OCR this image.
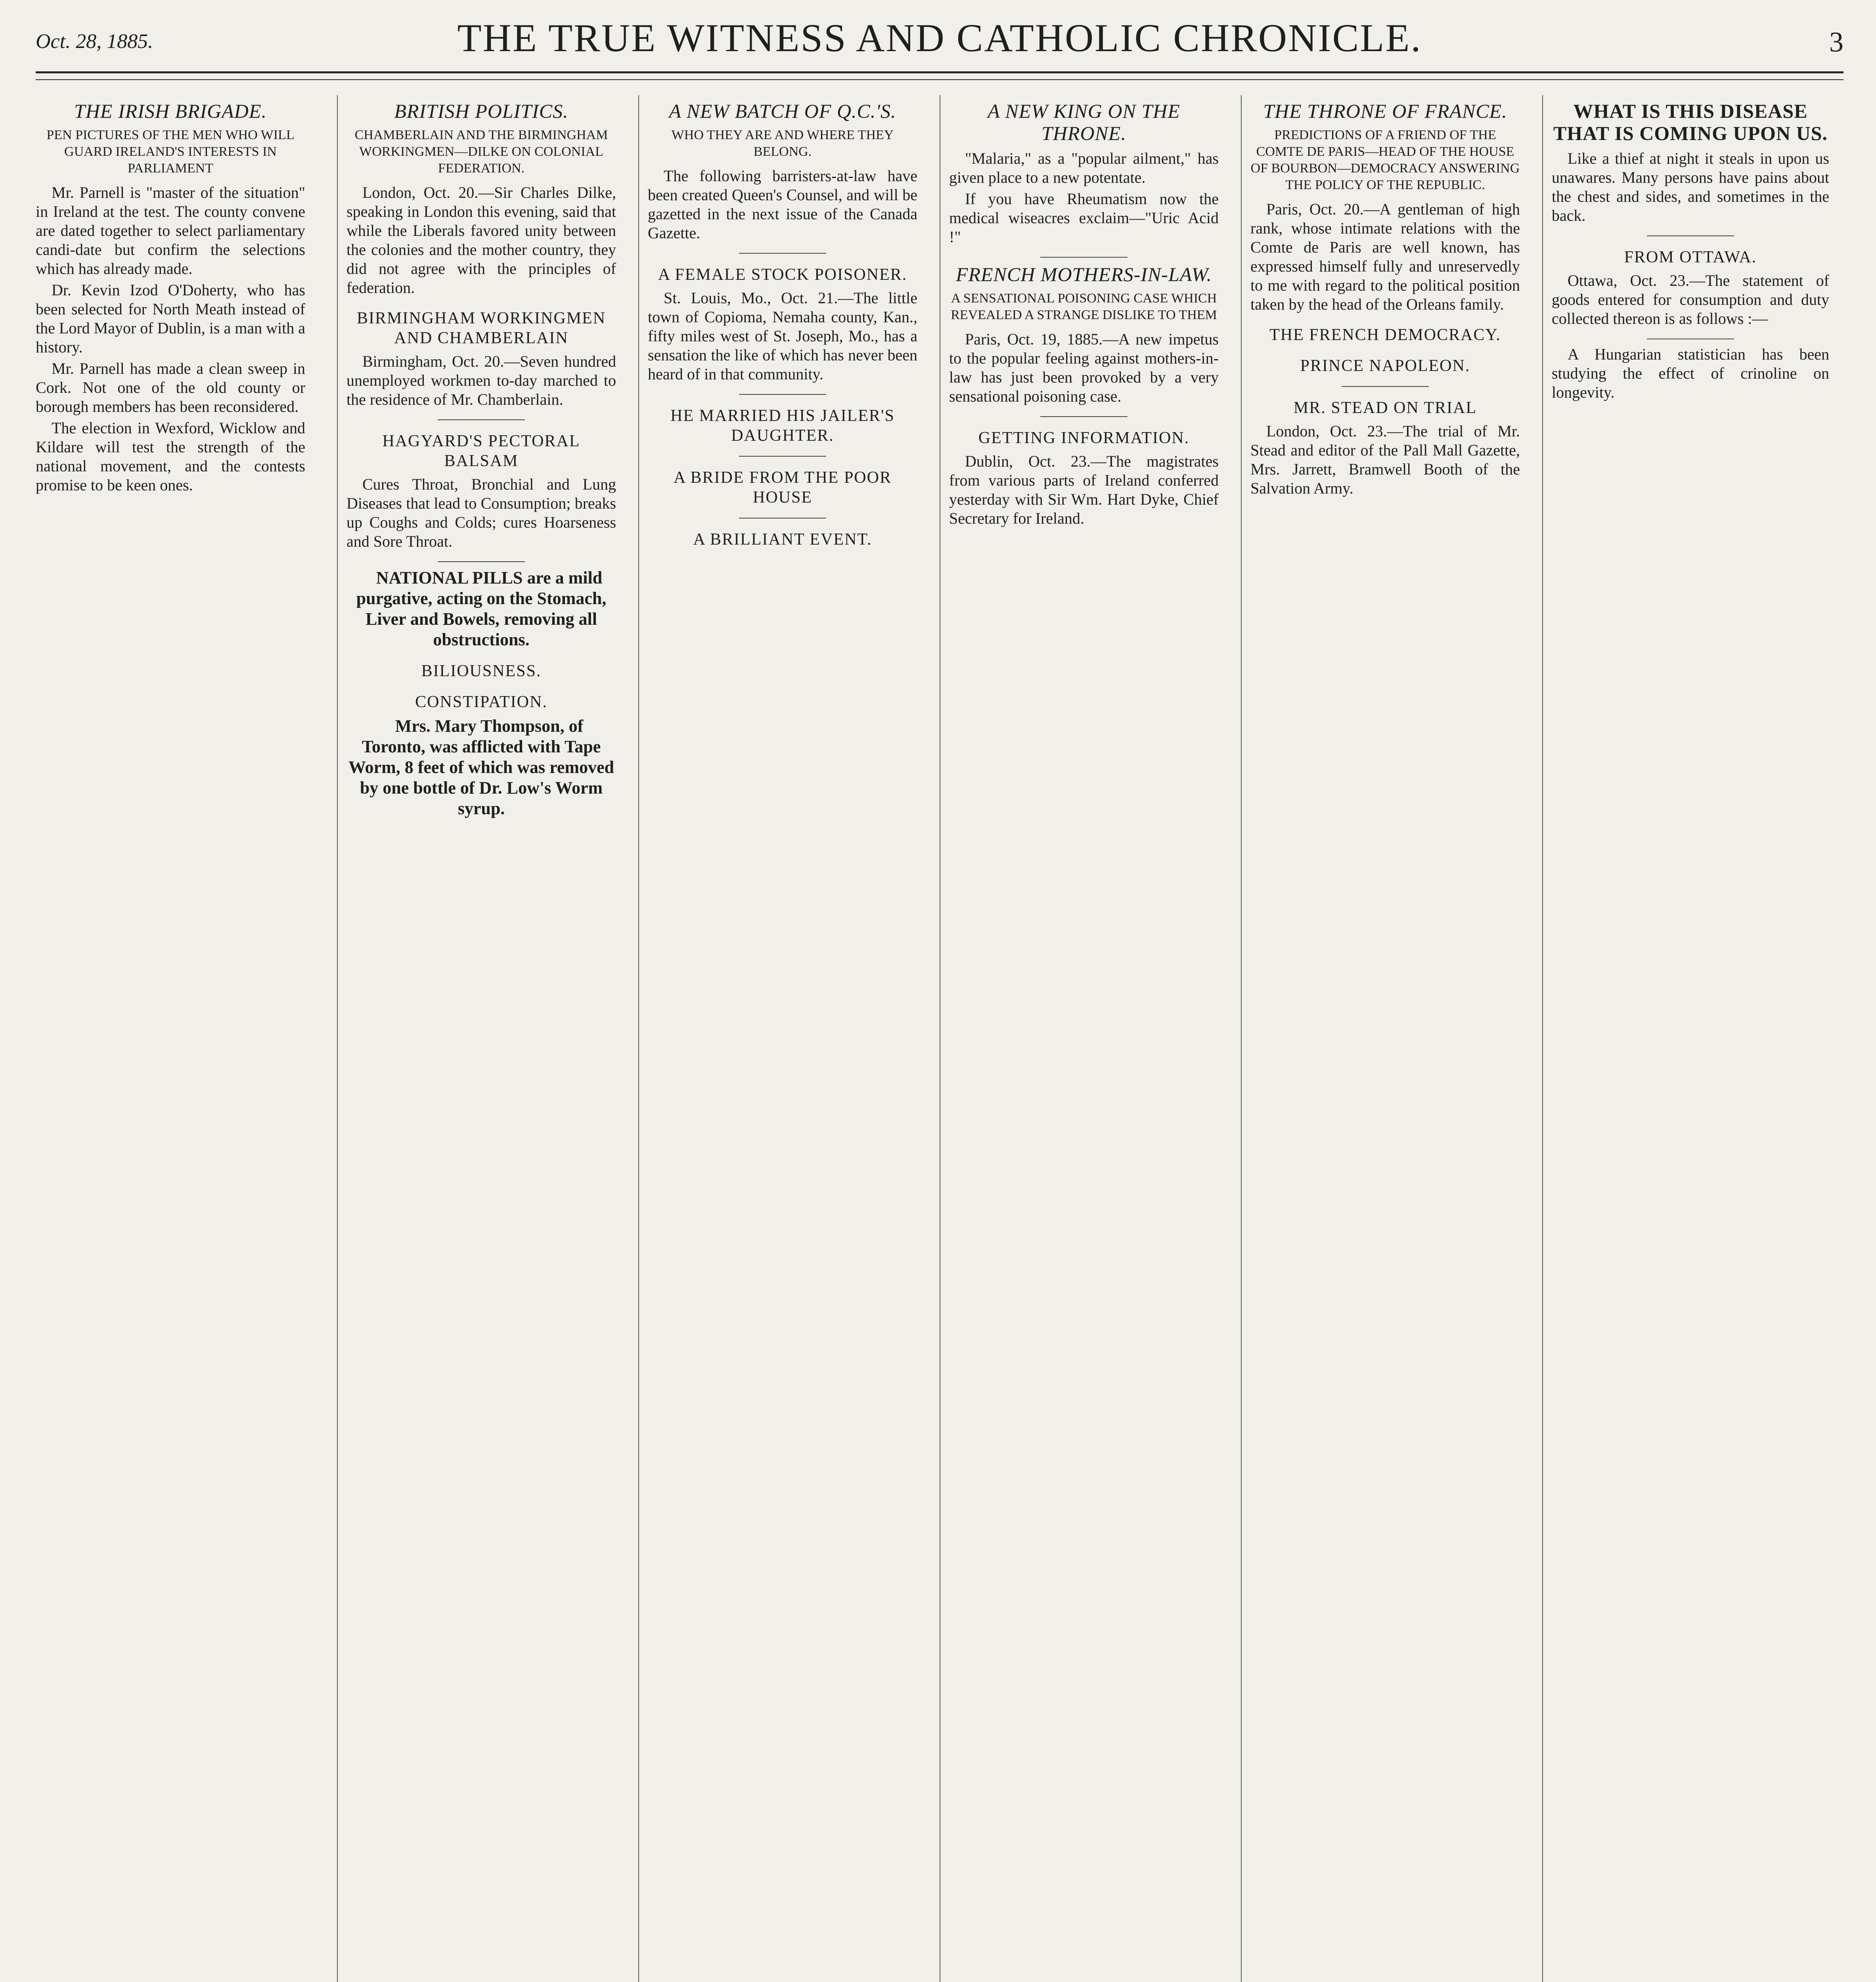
Oct. 28, 1885.	THE TRUE WITNESS AND CATHOLIC CHRONICLE.	3
THE IRISH BRIGADE.
PEN PICTURES OF THE MEN WHO WILL GUARD IRELAND'S INTERESTS IN PARLIAMENT

Mr. Parnell is "master of the situation" in Ireland at the test. The county convene are dated together to select parliamentary candi-date but confirm the selections which has already made.

Dr. Kevin Izod O'Doherty, who has been selected for North Meath instead of the Lord Mayor of Dublin, is a man with a history.

Mr. Parnell has made a clean sweep in Cork. Not one of the old county or borough members has been reconsidered.

The election in Wexford, Wicklow and Kildare will test the strength of the national movement, and the contests promise to be keen ones.

BRITISH POLITICS.
CHAMBERLAIN AND THE BIRMINGHAM WORKINGMEN—DILKE ON COLONIAL FEDERATION.

London, Oct. 20.—Sir Charles Dilke, speaking in London this evening, said that while the Liberals favored unity between the colonies and the mother country, they did not agree with the principles of federation.

BIRMINGHAM WORKINGMEN AND CHAMBERLAIN

Birmingham, Oct. 20.—Seven hundred unemployed workmen to-day marched to the residence of Mr. Chamberlain.

HAGYARD'S PECTORAL BALSAM

Cures Throat, Bronchial and Lung Diseases that lead to Consumption; breaks up Coughs and Colds; cures Hoarseness and Sore Throat.

NATIONAL PILLS are a mild purgative, acting on the Stomach, Liver and Bowels, removing all obstructions.

BILIOUSNESS.
CONSTIPATION.

Mrs. Mary Thompson, of Toronto, was afflicted with Tape Worm, 8 feet of which was removed by one bottle of Dr. Low's Worm syrup.

A NEW BATCH OF Q.C.'S.
WHO THEY ARE AND WHERE THEY BELONG.

The following barristers-at-law have been created Queen's Counsel, and will be gazetted in the next issue of the Canada Gazette.

A FEMALE STOCK POISONER.

St. Louis, Mo., Oct. 21.—The little town of Copioma, Nemaha county, Kan., fifty miles west of St. Joseph, Mo., has a sensation the like of which has never been heard of in that community.

HE MARRIED HIS JAILER'S DAUGHTER.
A BRIDE FROM THE POOR HOUSE
A BRILLIANT EVENT.
A NEW KING ON THE THRONE.

"Malaria," as a "popular ailment," has given place to a new potentate.

If you have Rheumatism now the medical wiseacres exclaim—"Uric Acid !"

FRENCH MOTHERS-IN-LAW.
A SENSATIONAL POISONING CASE WHICH REVEALED A STRANGE DISLIKE TO THEM

Paris, Oct. 19, 1885.—A new impetus to the popular feeling against mothers-in-law has just been provoked by a very sensational poisoning case.

GETTING INFORMATION.

Dublin, Oct. 23.—The magistrates from various parts of Ireland conferred yesterday with Sir Wm. Hart Dyke, Chief Secretary for Ireland.

THE THRONE OF FRANCE.
PREDICTIONS OF A FRIEND OF THE COMTE DE PARIS—HEAD OF THE HOUSE OF BOURBON—DEMOCRACY ANSWERING THE POLICY OF THE REPUBLIC.

Paris, Oct. 20.—A gentleman of high rank, whose intimate relations with the Comte de Paris are well known, has expressed himself fully and unreservedly to me with regard to the political position taken by the head of the Orleans family.

THE FRENCH DEMOCRACY.
PRINCE NAPOLEON.
MR. STEAD ON TRIAL

London, Oct. 23.—The trial of Mr. Stead and editor of the Pall Mall Gazette, Mrs. Jarrett, Bramwell Booth of the Salvation Army.

WHAT IS THIS DISEASE THAT IS COMING UPON US.

Like a thief at night it steals in upon us unawares. Many persons have pains about the chest and sides, and sometimes in the back.

FROM OTTAWA.

Ottawa, Oct. 23.—The statement of goods entered for consumption and duty collected thereon is as follows :—

A Hungarian statistician has been studying the effect of crinoline on longevity.
